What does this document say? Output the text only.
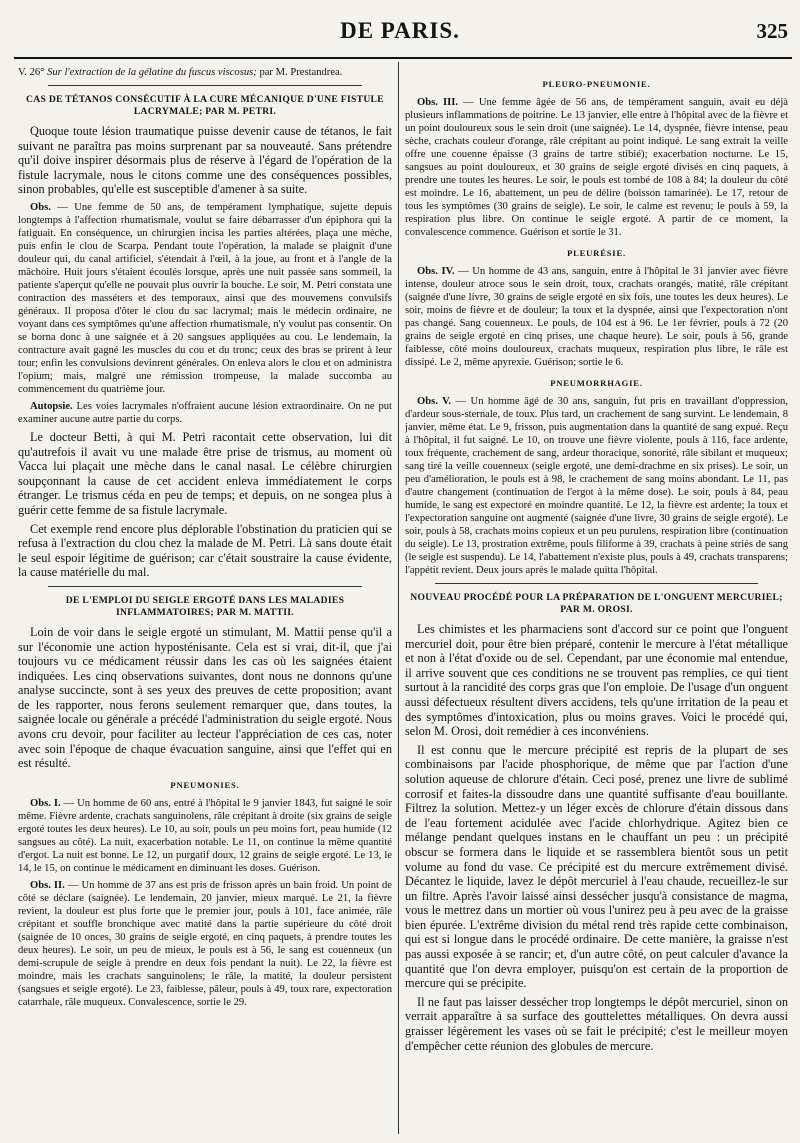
DE PARIS.	325

V. 26° Sur l'extraction de la gélatine du fuscus viscosus; par M. Prestandrea.

CAS DE TÉTANOS CONSÉCUTIF À LA CURE MÉCANIQUE D'UNE FISTULE LACRYMALE; PAR M. PETRI.

Quoque toute lésion traumatique puisse devenir cause de tétanos, le fait suivant ne paraîtra pas moins surprenant par sa nouveauté. Sans prétendre qu'il doive inspirer désormais plus de réserve à l'égard de l'opération de la fistule lacrymale, nous le citons comme une des conséquences possibles, sinon probables, qu'elle est susceptible d'amener à sa suite.

Obs. — Une femme de 50 ans, de tempérament lymphatique, sujette depuis longtemps à l'affection rhumatismale, voulut se faire débarrasser d'un épiphora qui la fatiguait. En conséquence, un chirurgien incisa les parties altérées, plaça une mèche, puis enfin le clou de Scarpa. Pendant toute l'opération, la malade se plaignit d'une douleur qui, du canal artificiel, s'étendait à l'œil, à la joue, au front et à l'angle de la mâchoire. Huit jours s'étaient écoulés lorsque, après une nuit passée sans sommeil, la patiente s'aperçut qu'elle ne pouvait plus ouvrir la bouche. Le soir, M. Petri constata une contraction des masséters et des temporaux, ainsi que des mouvemens convulsifs généraux. Il proposa d'ôter le clou du sac lacrymal; mais le médecin ordinaire, ne voyant dans ces symptômes qu'une affection rhumatismale, n'y voulut pas consentir. On se borna donc à une saignée et à 20 sangsues appliquées au cou. Le lendemain, la contracture avait gagné les muscles du cou et du tronc; ceux des bras se prirent à leur tour; enfin les convulsions devinrent générales. On enleva alors le clou et on administra l'opium; mais, malgré une rémission trompeuse, la malade succomba au commencement du quatrième jour.

Autopsie. Les voies lacrymales n'offraient aucune lésion extraordinaire. On ne put examiner aucune autre partie du corps.

Le docteur Betti, à qui M. Petri racontait cette observation, lui dit qu'autrefois il avait vu une malade être prise de trismus, au moment où Vacca lui plaçait une mèche dans le canal nasal. Le célèbre chirurgien soupçonnant la cause de cet accident enleva immédiatement le corps étranger. Le trismus céda en peu de temps; et depuis, on ne songea plus à guérir cette femme de sa fistule lacrymale.

Cet exemple rend encore plus déplorable l'obstination du praticien qui se refusa à l'extraction du clou chez la malade de M. Petri. Là sans doute était le seul espoir légitime de guérison; car c'était soustraire la cause évidente, la cause matérielle du mal.

DE L'EMPLOI DU SEIGLE ERGOTÉ DANS LES MALADIES INFLAMMATOIRES; PAR M. MATTII.

Loin de voir dans le seigle ergoté un stimulant, M. Mattii pense qu'il a sur l'économie une action hyposténisante. Cela est si vrai, dit-il, que j'ai toujours vu ce médicament réussir dans les cas où les saignées étaient indiquées. Les cinq observations suivantes, dont nous ne donnons qu'une analyse succincte, sont à ses yeux des preuves de cette proposition; avant de les rapporter, nous ferons seulement remarquer que, dans toutes, la saignée locale ou générale a précédé l'administration du seigle ergoté. Nous avons cru devoir, pour faciliter au lecteur l'appréciation de ces cas, noter avec soin l'époque de chaque évacuation sanguine, ainsi que l'effet qui en est résulté.

PNEUMONIES.

Obs. I. — Un homme de 60 ans, entré à l'hôpital le 9 janvier 1843, fut saigné le soir même. Fièvre ardente, crachats sanguinolens, râle crépitant à droite (six grains de seigle ergoté toutes les deux heures). Le 10, au soir, pouls un peu moins fort, peau humide (12 sangsues au côté). La nuit, exacerbation notable. Le 11, on continue la même quantité d'ergot. La nuit est bonne. Le 12, un purgatif doux, 12 grains de seigle ergoté. Le 13, le 14, le 15, on continue le médicament en diminuant les doses. Guérison.

Obs. II. — Un homme de 37 ans est pris de frisson après un bain froid. Un point de côté se déclare (saignée). Le lendemain, 20 janvier, mieux marqué. Le 21, la fièvre revient, la douleur est plus forte que le premier jour, pouls à 101, face animée, râle crépitant et souffle bronchique avec matité dans la partie supérieure du côté droit (saignée de 10 onces, 30 grains de seigle ergoté, en cinq paquets, à prendre toutes les deux heures). Le soir, un peu de mieux, le pouls est à 56, le sang est couenneux (un demi-scrupule de seigle à prendre en deux fois pendant la nuit). Le 22, la fièvre est moindre, mais les crachats sanguinolens; le râle, la matité, la douleur persistent (sangsues et seigle ergoté). Le 23, faiblesse, pâleur, pouls à 49, toux rare, expectoration catarrhale, râle muqueux. Convalescence, sortie le 29.

PLEURO-PNEUMONIE.

Obs. III. — Une femme âgée de 56 ans, de tempérament sanguin, avait eu déjà plusieurs inflammations de poitrine. Le 13 janvier, elle entre à l'hôpital avec de la fièvre et un point douloureux sous le sein droit (une saignée). Le 14, dyspnée, fièvre intense, peau sèche, crachats couleur d'orange, râle crépitant au point indiqué. Le sang extrait la veille offre une couenne épaisse (3 grains de tartre stibié); exacerbation nocturne. Le 15, sangsues au point douloureux, et 30 grains de seigle ergoté divisés en cinq paquets, à prendre une toutes les heures. Le soir, le pouls est tombé de 108 à 84; la douleur du côté est moindre. Le 16, abattement, un peu de délire (boisson tamarinée). Le 17, retour de tous les symptômes (30 grains de seigle). Le soir, le calme est revenu; le pouls à 59, la respiration plus libre. On continue le seigle ergoté. A partir de ce moment, la convalescence commence. Guérison et sortie le 31.

PLEURÉSIE.

Obs. IV. — Un homme de 43 ans, sanguin, entre à l'hôpital le 31 janvier avec fièvre intense, douleur atroce sous le sein droit, toux, crachats orangés, matité, râle crépitant (saignée d'une livre, 30 grains de seigle ergoté en six fois, une toutes les deux heures). Le soir, moins de fièvre et de douleur; la toux et la dyspnée, ainsi que l'expectoration n'ont pas changé. Sang couenneux. Le pouls, de 104 est à 96. Le 1er février, pouls à 72 (20 grains de seigle ergoté en cinq prises, une chaque heure). Le soir, pouls à 56, grande faiblesse, côté moins douloureux, crachats muqueux, respiration plus libre, le râle est dissipé. Le 2, même apyrexie. Guérison; sortie le 6.

PNEUMORRHAGIE.

Obs. V. — Un homme âgé de 30 ans, sanguin, fut pris en travaillant d'oppression, d'ardeur sous-sternale, de toux. Plus tard, un crachement de sang survint. Le lendemain, 8 janvier, même état. Le 9, frisson, puis augmentation dans la quantité de sang expué. Reçu à l'hôpital, il fut saigné. Le 10, on trouve une fièvre violente, pouls à 116, face ardente, toux fréquente, crachement de sang, ardeur thoracique, sonorité, râle sibilant et muqueux; sang tiré la veille couenneux (seigle ergoté, une demi-drachme en six prises). Le soir, un peu d'amélioration, le pouls est à 98, le crachement de sang moins abondant. Le 11, pas d'autre changement (continuation de l'ergot à la même dose). Le soir, pouls à 84, peau humide, le sang est expectoré en moindre quantité. Le 12, la fièvre est ardente; la toux et l'expectoration sanguine ont augmenté (saignée d'une livre, 30 grains de seigle ergoté). Le soir, pouls à 58, crachats moins copieux et un peu purulens, respiration libre (continuation du seigle). Le 13, prostration extrême, pouls filiforme à 39, crachats à peine striés de sang (le seigle est suspendu). Le 14, l'abattement n'existe plus, pouls à 49, crachats transparens; l'appétit revient. Deux jours après le malade quitta l'hôpital.

NOUVEAU PROCÉDÉ POUR LA PRÉPARATION DE L'ONGUENT MERCURIEL; PAR M. OROSI.

Les chimistes et les pharmaciens sont d'accord sur ce point que l'onguent mercuriel doit, pour être bien préparé, contenir le mercure à l'état métallique et non à l'état d'oxide ou de sel. Cependant, par une économie mal entendue, il arrive souvent que ces conditions ne se trouvent pas remplies, ce qui tient surtout à la rancidité des corps gras que l'on emploie. De l'usage d'un onguent aussi défectueux résultent divers accidens, tels qu'une irritation de la peau et des symptômes d'intoxication, plus ou moins graves. Voici le procédé qui, selon M. Orosi, doit remédier à ces inconvéniens.

Il est connu que le mercure précipité est repris de la plupart de ses combinaisons par l'acide phosphorique, de même que par l'action d'une solution aqueuse de chlorure d'étain. Ceci posé, prenez une livre de sublimé corrosif et faites-la dissoudre dans une quantité suffisante d'eau bouillante. Filtrez la solution. Mettez-y un léger excès de chlorure d'étain dissous dans de l'eau fortement acidulée avec l'acide chlorhydrique. Agitez bien ce mélange pendant quelques instans en le chauffant un peu : un précipité obscur se formera dans le liquide et se rassemblera bientôt sous un petit volume au fond du vase. Ce précipité est du mercure extrêmement divisé. Décantez le liquide, lavez le dépôt mercuriel à l'eau chaude, recueillez-le sur un filtre. Après l'avoir laissé ainsi dessécher jusqu'à consistance de magma, vous le mettrez dans un mortier où vous l'unirez peu à peu avec de la graisse bien épurée. L'extrême division du métal rend très rapide cette combinaison, qui est si longue dans le procédé ordinaire. De cette manière, la graisse n'est pas aussi exposée à se rancir; et, d'un autre côté, on peut calculer d'avance la quantité que l'on devra employer, puisqu'on est certain de la proportion de mercure qui se précipite.

Il ne faut pas laisser dessécher trop longtemps le dépôt mercuriel, sinon on verrait apparaître à sa surface des gouttelettes métalliques. On devra aussi graisser légèrement les vases où se fait le précipité; c'est le meilleur moyen d'empêcher cette réunion des globules de mercure.
